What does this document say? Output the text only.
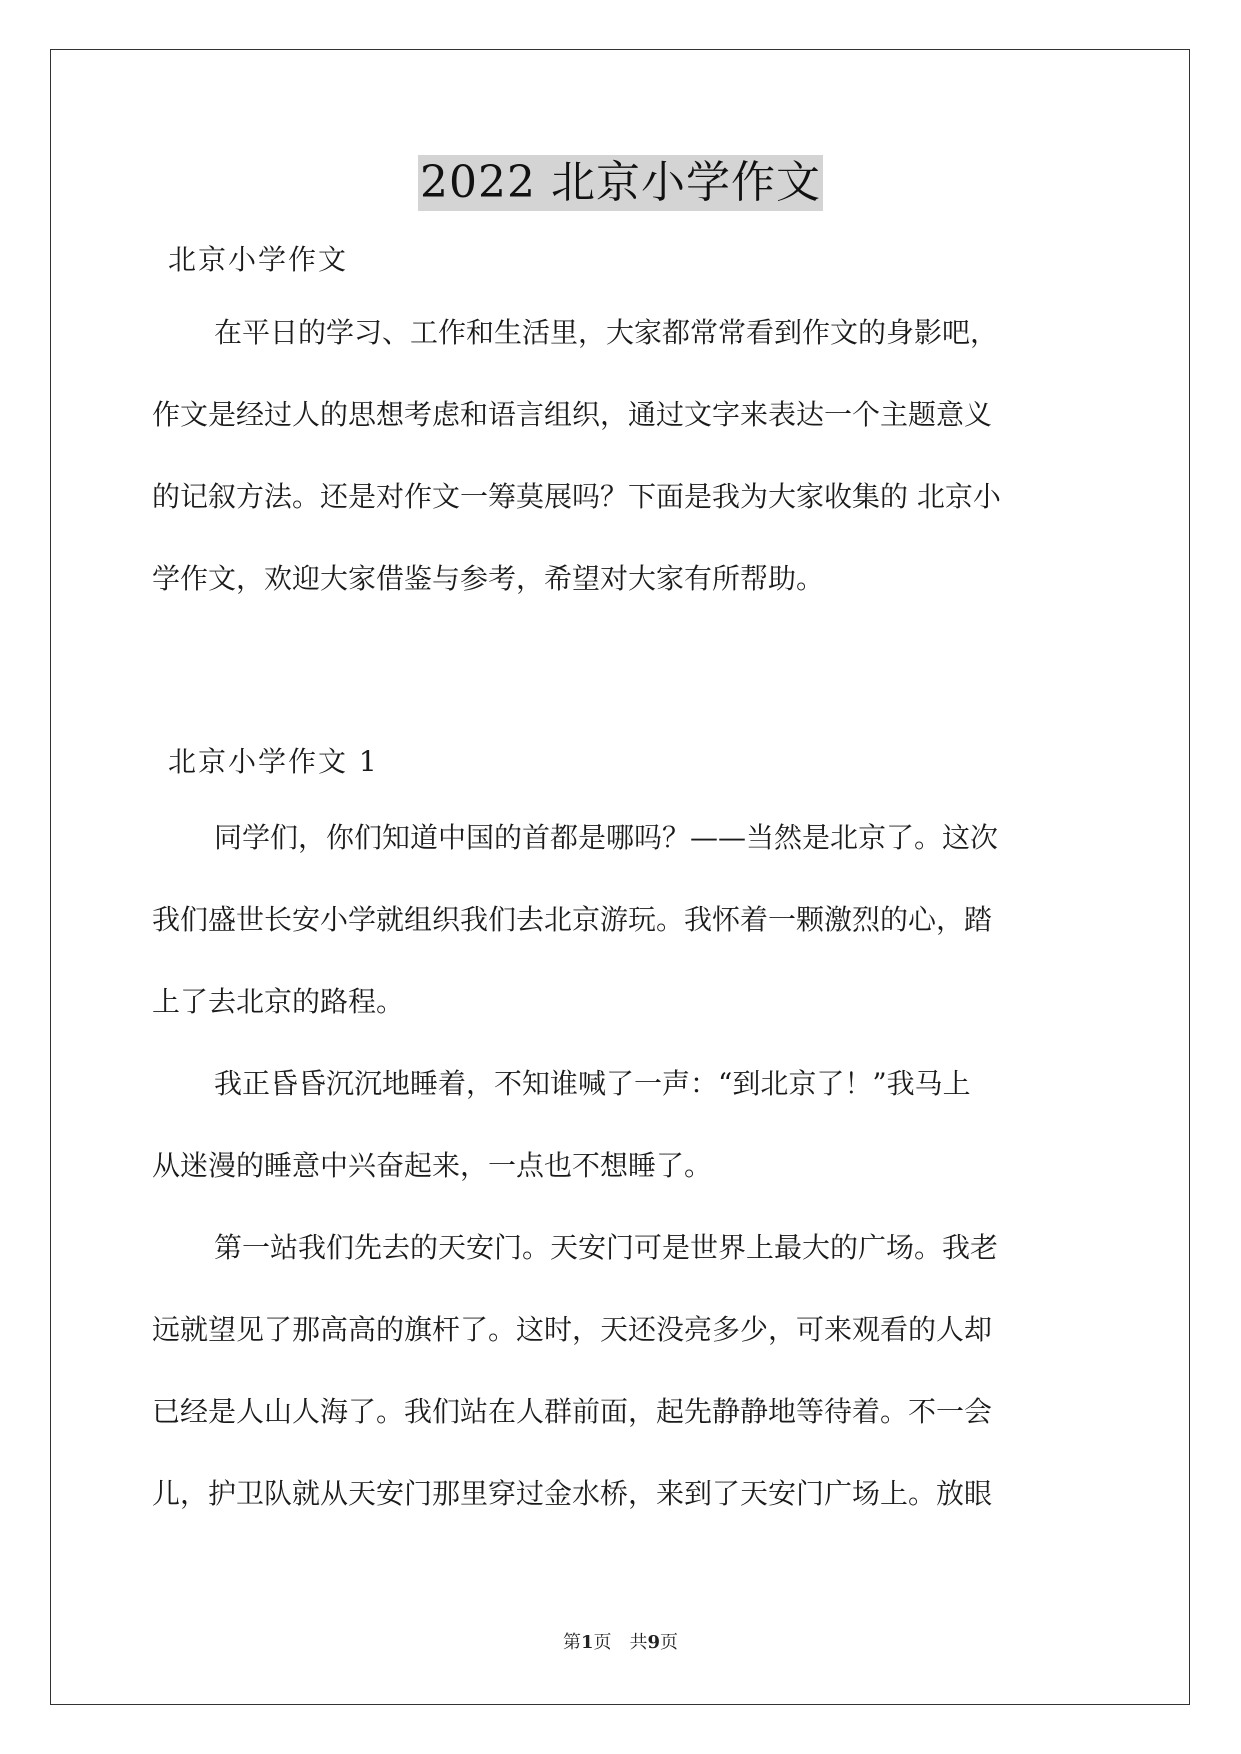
2022 北京小学作文
北京小学作文
在平日的学习、工作和生活里，大家都常常看到作文的身影吧，
作文是经过人的思想考虑和语言组织，通过文字来表达一个主题意义
的记叙方法。还是对作文一筹莫展吗？下面是我为大家收集的 北京小
学作文，欢迎大家借鉴与参考，希望对大家有所帮助。
北京小学作文 1
同学们，你们知道中国的首都是哪吗？——当然是北京了。这次
我们盛世长安小学就组织我们去北京游玩。我怀着一颗激烈的心，踏
上了去北京的路程。
我正昏昏沉沉地睡着，不知谁喊了一声：“到北京了！”我马上
从迷漫的睡意中兴奋起来，一点也不想睡了。
第一站我们先去的天安门。天安门可是世界上最大的广场。我老
远就望见了那高高的旗杆了。这时，天还没亮多少，可来观看的人却
已经是人山人海了。我们站在人群前面，起先静静地等待着。不一会
儿，护卫队就从天安门那里穿过金水桥，来到了天安门广场上。放眼
第1页　共9页
